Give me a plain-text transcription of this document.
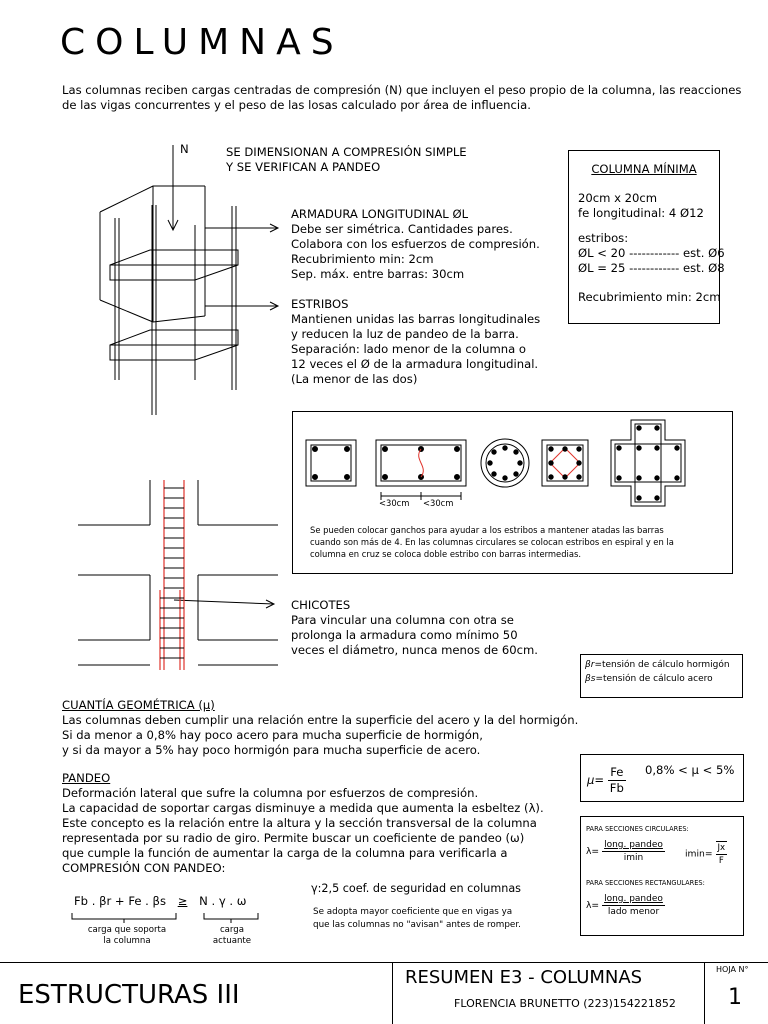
COLUMNAS
Las columnas reciben cargas centradas de compresión (N) que incluyen el peso propio de la columna, las reacciones
de las vigas concurrentes y el peso de las losas calculado por área de influencia.
N	SE DIMENSIONAN A COMPRESIÓN SIMPLE
Y SE VERIFICAN A PANDEO
ARMADURA LONGITUDINAL ØL
Debe ser simétrica. Cantidades pares.
Colabora con los esfuerzos de compresión.
Recubrimiento min: 2cm
Sep. máx. entre barras: 30cm
ESTRIBOS
Mantienen unidas las barras longitudinales
y reducen la luz de pandeo de la barra.
Separación: lado menor de la columna o
12 veces el Ø de la armadura longitudinal.
(La menor de las dos)
COLUMNA MÍNIMA
20cm x 20cm
fe longitudinal: 4 Ø12
estribos:
ØL < 20 ------------ est. Ø6
ØL = 25 ------------ est. Ø8
Recubrimiento min: 2cm
<30cm <30cm
Se pueden colocar ganchos para ayudar a los estribos a mantener atadas las barras
cuando son más de 4. En las columnas circulares se colocan estribos en espiral y en la
columna en cruz se coloca doble estribo con barras intermedias.
CHICOTES
Para vincular una columna con otra se
prolonga la armadura como mínimo 50
veces el diámetro, nunca menos de 60cm.
βr=tensión de cálculo hormigón
βs=tensión de cálculo acero
CUANTÍA GEOMÉTRICA (μ)
Las columnas deben cumplir una relación entre la superficie del acero y la del hormigón.
Si da menor a 0,8% hay poco acero para mucha superficie de hormigón,
y si da mayor a 5% hay poco hormigón para mucha superficie de acero.
$\mu= \frac{Fe}{Fb} 0,8\% < \mu < 5\%$
PANDEO
Deformación lateral que sufre la columna por esfuerzos de compresión.
La capacidad de soportar cargas disminuye a medida que aumenta la esbeltez (λ).
Este concepto es la relación entre la altura y la sección transversal de la columna
representada por su radio de giro. Permite buscar un coeficiente de pandeo (ω)
que cumple la función de aumentar la carga de la columna para verificarla a
COMPRESIÓN CON PANDEO:
PARA SECCIONES CIRCULARES:
$\lambda= \frac{\text{long. pandeo}}{imin} imin= \frac{Jx}{F}$
PARA SECCIONES RECTANGULARES:
$\lambda= \frac{\text{long. pandeo}}{\text{lado menor}}$
Fb . βr + Fe . βs ≥ N . γ . ω
carga que soporta
la columna
carga
actuante
γ:2,5 coef. de seguridad en columnas
Se adopta mayor coeficiente que en vigas ya
que las columnas no "avisan" antes de romper.
ESTRUCTURAS III
RESUMEN E3 - COLUMNAS
FLORENCIA BRUNETTO (223)154221852
HOJA N°
1
